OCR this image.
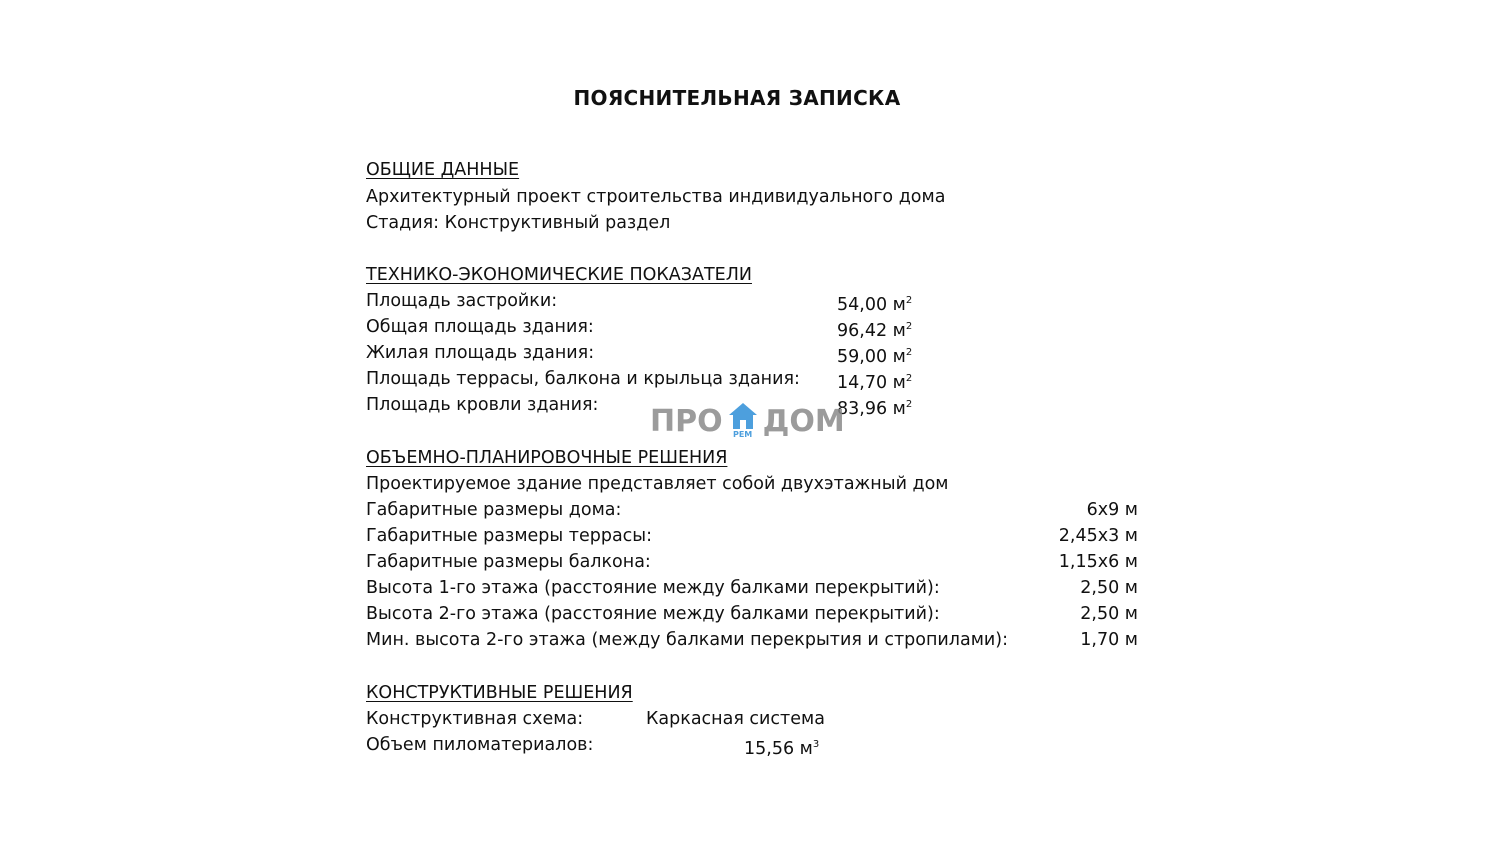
ПОЯСНИТЕЛЬНАЯ ЗАПИСКА
ОБЩИЕ ДАННЫЕ
Архитектурный проект строительства индивидуального дома
Стадия: Конструктивный раздел
ТЕХНИКО-ЭКОНОМИЧЕСКИЕ ПОКАЗАТЕЛИ
Площадь застройки:	54,00 $м^2$
Общая площадь здания:	96,42 $м^2$
Жилая площадь здания:	59,00 $м^2$
Площадь террасы, балкона и крыльца здания: 14,70 $м^2$
Площадь кровли здания:	83,96 $м^2$
ПРО РЕМ ДОМ
ОБЪЕМНО-ПЛАНИРОВОЧНЫЕ РЕШЕНИЯ
Проектируемое здание представляет собой двухэтажный дом
Габаритные размеры дома:	6x9 м
Габаритные размеры террасы:	2,45x3 м
Габаритные размеры балкона:	1,15x6 м
Высота 1-го этажа (расстояние между балками перекрытий):	2,50 м
Высота 2-го этажа (расстояние между балками перекрытий):	2,50 м
Мин. высота 2-го этажа (между балками перекрытия и стропилами):	1,70 м
КОНСТРУКТИВНЫЕ РЕШЕНИЯ
Конструктивная схема:	Каркасная система
Объем пиломатериалов:	15,56 $м^3$
